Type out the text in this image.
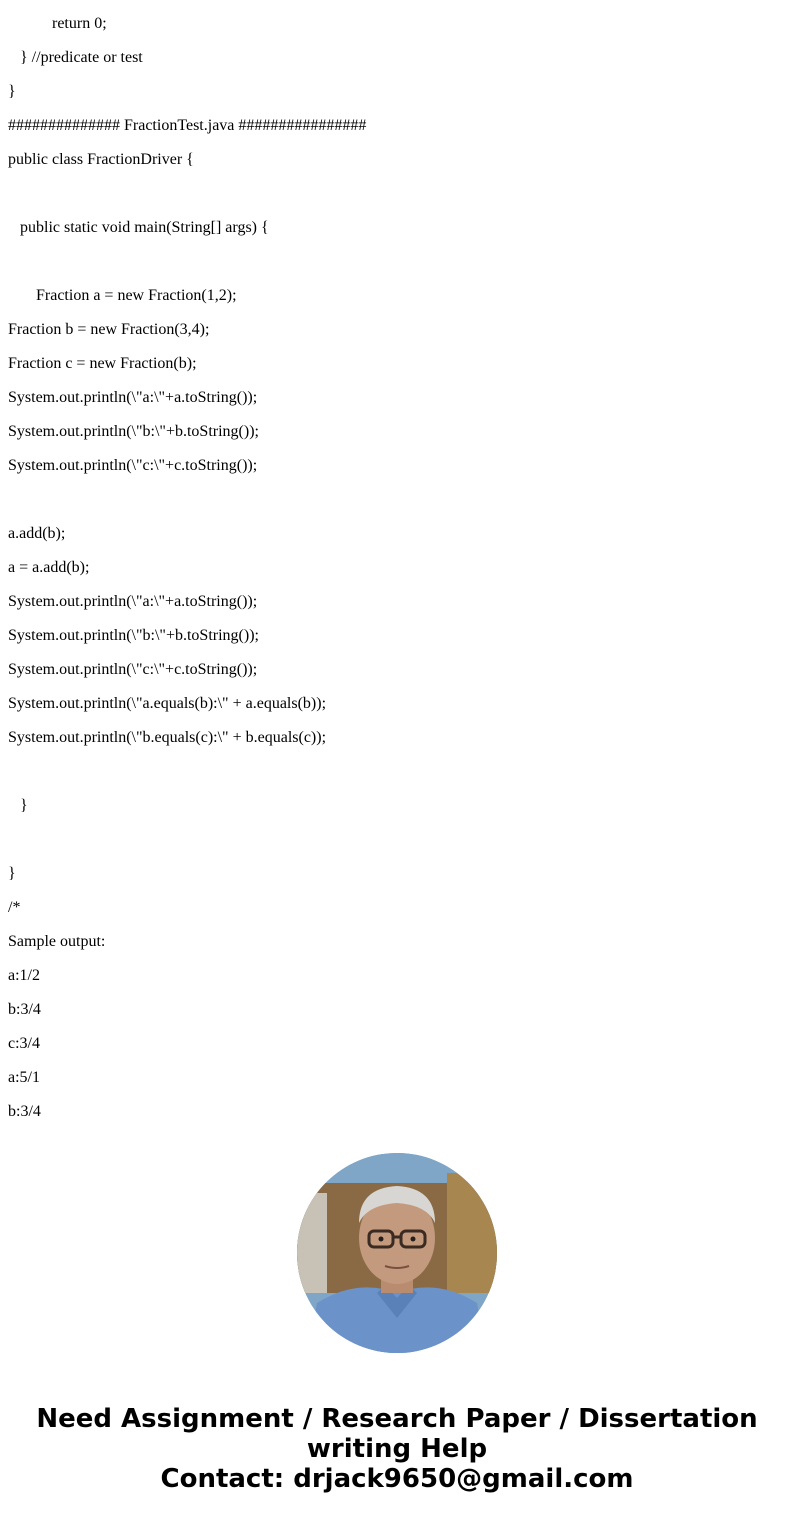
return 0;
} //predicate or test
}
############## FractionTest.java ################
public class FractionDriver {
public static void main(String[] args) {
Fraction a = new Fraction(1,2);
Fraction b = new Fraction(3,4);
Fraction c = new Fraction(b);
System.out.println(\"a:\"+a.toString());
System.out.println(\"b:\"+b.toString());
System.out.println(\"c:\"+c.toString());
a.add(b);
a = a.add(b);
System.out.println(\"a:\"+a.toString());
System.out.println(\"b:\"+b.toString());
System.out.println(\"c:\"+c.toString());
System.out.println(\"a.equals(b):\" + a.equals(b));
System.out.println(\"b.equals(c):\" + b.equals(c));
}
}
/*
Sample output:
a:1/2
b:3/4
c:3/4
a:5/1
b:3/4
Need Assignment / Research Paper / Dissertation
writing Help
Contact: drjack9650@gmail.com
